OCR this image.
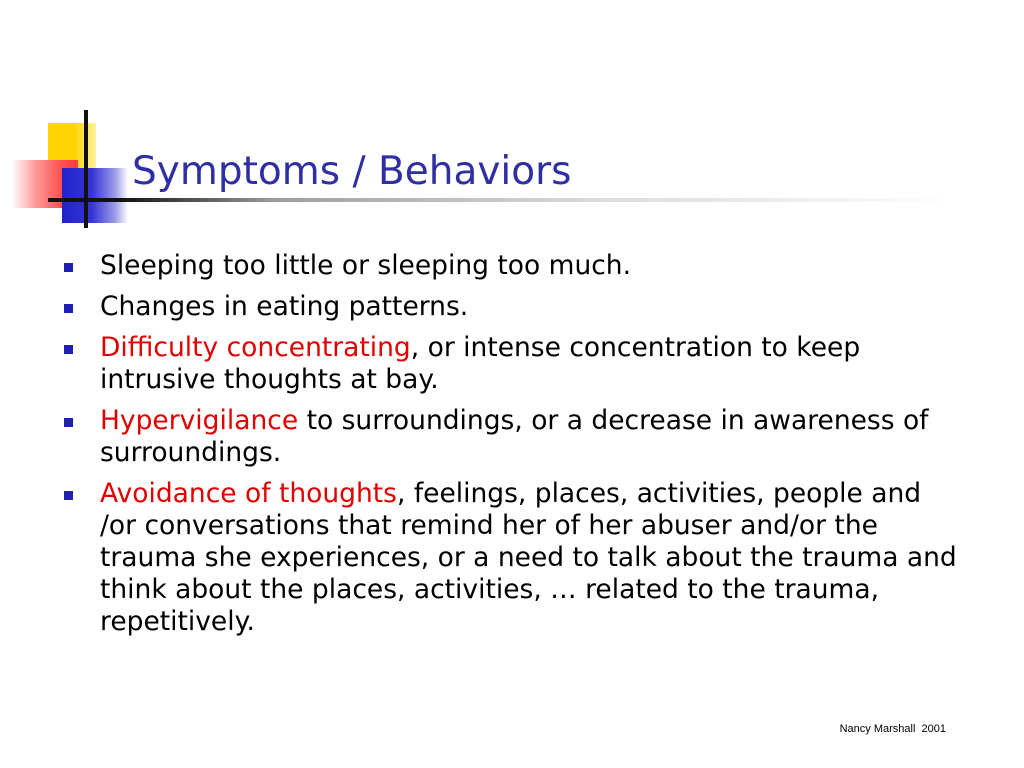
Symptoms / Behaviors
Sleeping too little or sleeping too much.
Changes in eating patterns.
Difficulty concentrating, or intense concentration to keep intrusive thoughts at bay.
Hypervigilance to surroundings, or a decrease in awareness of surroundings.
Avoidance of thoughts, feelings, places, activities, people and /or conversations that remind her of her abuser and/or the trauma she experiences, or a need to talk about the trauma and think about the places, activities, … related to the trauma, repetitively.
Nancy Marshall  2001
